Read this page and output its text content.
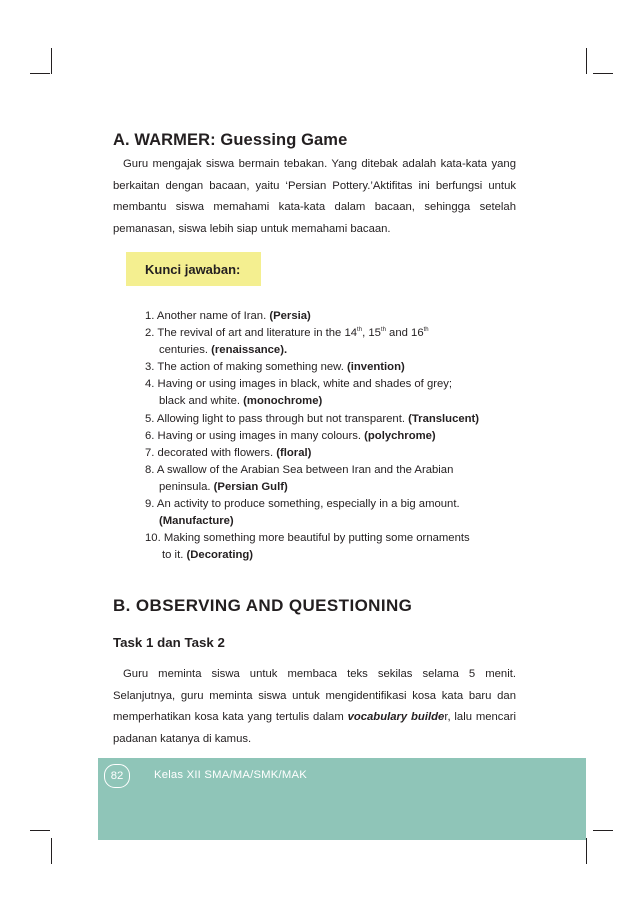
A. WARMER: Guessing Game

Guru mengajak siswa bermain tebakan. Yang ditebak adalah kata-kata yang berkaitan dengan bacaan, yaitu ‘Persian Pottery.’Aktifitas ini berfungsi untuk membantu siswa memahami kata-kata dalam bacaan, sehingga setelah pemanasan, siswa lebih siap untuk memahami bacaan.

Kunci jawaban:
1. Another name of Iran. (Persia)
2. The revival of art and literature in the 14th, 15th and 16th
centuries. (renaissance).
3. The action of making something new. (invention)
4. Having or using images in black, white and shades of grey;
black and white. (monochrome)
5. Allowing light to pass through but not transparent. (Translucent)
6. Having or using images in many colours. (polychrome)
7. decorated with flowers. (floral)
8. A swallow of the Arabian Sea between Iran and the Arabian
peninsula. (Persian Gulf)
9. An activity to produce something, especially in a big amount.
(Manufacture)
10. Making something more beautiful by putting some ornaments
to it. (Decorating)
B. OBSERVING AND QUESTIONING
Task 1 dan Task 2

Guru meminta siswa untuk membaca teks sekilas selama 5 menit. Selanjutnya, guru meminta siswa untuk mengidentifikasi kosa kata baru dan memperhatikan kosa kata yang tertulis dalam vocabulary builder, lalu mencari padanan katanya di kamus.

82	Kelas XII SMA/MA/SMK/MAK
